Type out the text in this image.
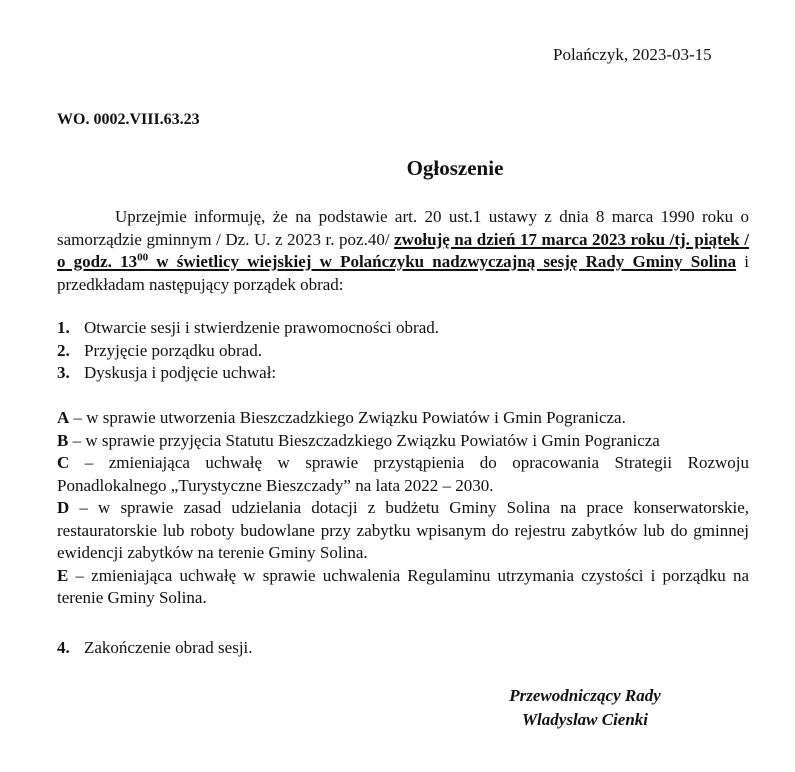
Polańczyk, 2023-03-15
WO. 0002.VIII.63.23
Ogłoszenie
Uprzejmie informuję, że na podstawie art. 20 ust.1 ustawy z dnia 8 marca 1990 roku o samorządzie gminnym / Dz. U. z 2023 r. poz.40/ zwołuję na dzień 17 marca 2023 roku /tj. piątek / o godz. $13^{00}$ w świetlicy wiejskiej w Polańczyku nadzwyczajną sesję Rady Gminy Solina i przedkładam następujący porządek obrad:
1. Otwarcie sesji i stwierdzenie prawomocności obrad.
2. Przyjęcie porządku obrad.
3. Dyskusja i podjęcie uchwał:
A – w sprawie utworzenia Bieszczadzkiego Związku Powiatów i Gmin Pogranicza.
B – w sprawie przyjęcia Statutu Bieszczadzkiego Związku Powiatów i Gmin Pogranicza
C – zmieniająca uchwałę w sprawie przystąpienia do opracowania Strategii Rozwoju Ponadlokalnego „Turystyczne Bieszczady” na lata 2022 – 2030.
D – w sprawie zasad udzielania dotacji z budżetu Gminy Solina na prace konserwatorskie, restauratorskie lub roboty budowlane przy zabytku wpisanym do rejestru zabytków lub do gminnej ewidencji zabytków na terenie Gminy Solina.
E – zmieniająca uchwałę w sprawie uchwalenia Regulaminu utrzymania czystości i porządku na terenie Gminy Solina.
4. Zakończenie obrad sesji.
Przewodniczący Rady
Wladyslaw Cienki
